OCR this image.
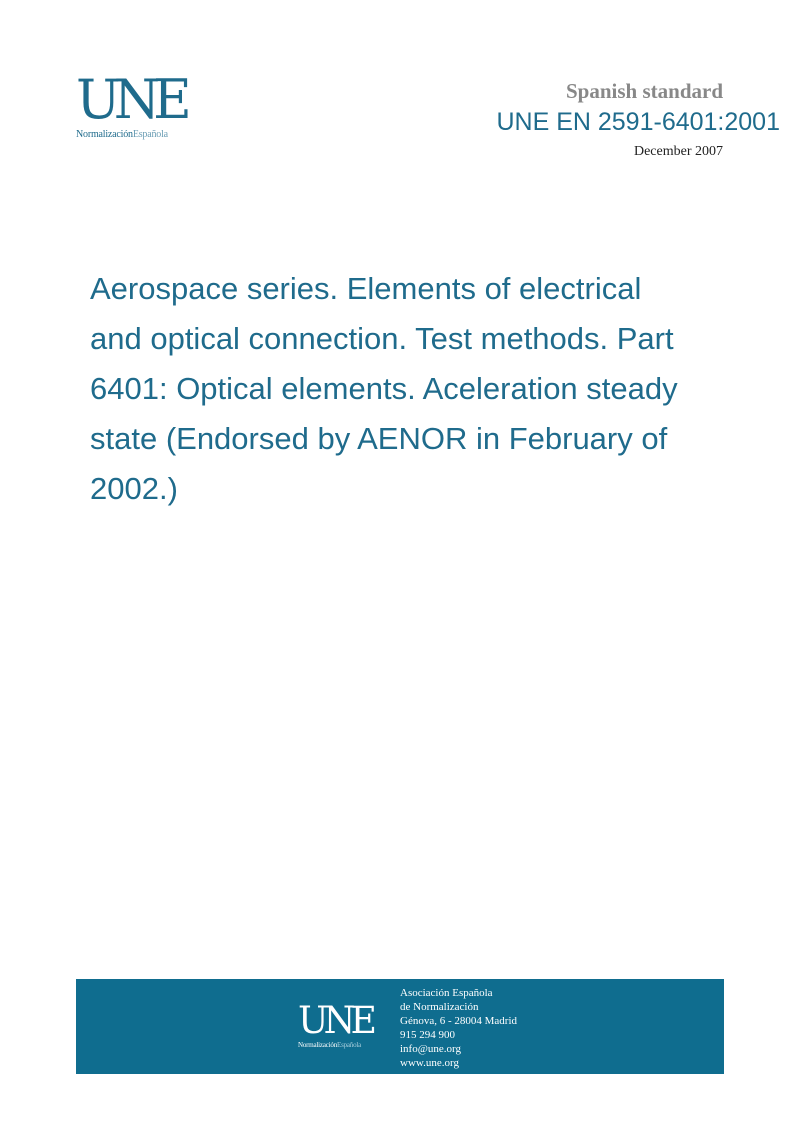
UNE
NormalizaciónEspañola
Spanish standard
UNE EN 2591-6401:2001
December 2007
Aerospace series. Elements of electrical and optical connection. Test methods. Part 6401: Optical elements. Aceleration steady state (Endorsed by AENOR in February of 2002.)
UNE
NormalizaciónEspañola
Asociación Española
de Normalización
Génova, 6 - 28004 Madrid
915 294 900
info@une.org
www.une.org
